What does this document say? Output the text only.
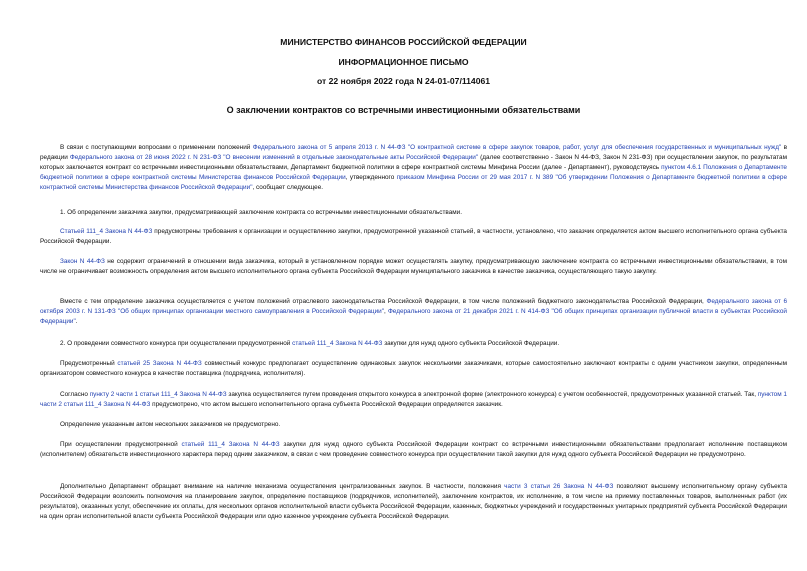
МИНИСТЕРСТВО ФИНАНСОВ РОССИЙСКОЙ ФЕДЕРАЦИИ
ИНФОРМАЦИОННОЕ ПИСЬМО
от 22 ноября 2022 года N 24-01-07/114061
О заключении контрактов со встречными инвестиционными обязательствами
В связи с поступающими вопросами о применении положений Федерального закона от 5 апреля 2013 г. N 44-ФЗ "О контрактной системе в сфере закупок товаров, работ, услуг для обеспечения государственных и муниципальных нужд" в редакции Федерального закона от 28 июня 2022 г. N 231-ФЗ "О внесении изменений в отдельные законодательные акты Российской Федерации" (далее соответственно - Закон N 44-ФЗ, Закон N 231-ФЗ) при осуществлении закупок, по результатам которых заключается контракт со встречными инвестиционными обязательствами, Департамент бюджетной политики в сфере контрактной системы Минфина России (далее - Департамент), руководствуясь пунктом 4.6.1 Положения о Департаменте бюджетной политики в сфере контрактной системы Министерства финансов Российской Федерации, утвержденного приказом Минфина России от 29 мая 2017 г. N 389 "Об утверждении Положения о Департаменте бюджетной политики в сфере контрактной системы Министерства финансов Российской Федерации", сообщает следующее.
1. Об определении заказчика закупки, предусматривающей заключение контракта со встречными инвестиционными обязательствами.
Статьей 111_4 Закона N 44-ФЗ предусмотрены требования к организации и осуществлению закупки, предусмотренной указанной статьей, в частности, установлено, что заказчик определяется актом высшего исполнительного органа субъекта Российской Федерации.
Закон N 44-ФЗ не содержит ограничений в отношении вида заказчика, который в установленном порядке может осуществлять закупку, предусматривающую заключение контракта со встречными инвестиционными обязательствами, в том числе не ограничивает возможность определения актом высшего исполнительного органа субъекта Российской Федерации муниципального заказчика в качестве заказчика, осуществляющего такую закупку.
Вместе с тем определение заказчика осуществляется с учетом положений отраслевого законодательства Российской Федерации, в том числе положений бюджетного законодательства Российской Федерации, Федерального закона от 6 октября 2003 г. N 131-ФЗ "Об общих принципах организации местного самоуправления в Российской Федерации", Федерального закона от 21 декабря 2021 г. N 414-ФЗ "Об общих принципах организации публичной власти в субъектах Российской Федерации".
2. О проведении совместного конкурса при осуществлении предусмотренной статьей 111_4 Закона N 44-ФЗ закупки для нужд одного субъекта Российской Федерации.
Предусмотренный статьей 25 Закона N 44-ФЗ совместный конкурс предполагает осуществление одинаковых закупок несколькими заказчиками, которые самостоятельно заключают контракты с одним участником закупки, определенным организатором совместного конкурса в качестве поставщика (подрядчика, исполнителя).
Согласно пункту 2 части 1 статьи 111_4 Закона N 44-ФЗ закупка осуществляется путем проведения открытого конкурса в электронной форме (электронного конкурса) с учетом особенностей, предусмотренных указанной статьей. Так, пунктом 1 части 2 статьи 111_4 Закона N 44-ФЗ предусмотрено, что актом высшего исполнительного органа субъекта Российской Федерации определяется заказчик.
Определение указанным актом нескольких заказчиков не предусмотрено.
При осуществлении предусмотренной статьей 111_4 Закона N 44-ФЗ закупки для нужд одного субъекта Российской Федерации контракт со встречными инвестиционными обязательствами предполагает исполнение поставщиком (исполнителем) обязательств инвестиционного характера перед одним заказчиком, в связи с чем проведение совместного конкурса при осуществлении такой закупки для нужд одного субъекта Российской Федерации не предусмотрено.
Дополнительно Департамент обращает внимание на наличие механизма осуществления централизованных закупок. В частности, положения части 3 статьи 26 Закона N 44-ФЗ позволяют высшему исполнительному органу субъекта Российской Федерации возложить полномочия на планирование закупок, определение поставщиков (подрядчиков, исполнителей), заключение контрактов, их исполнение, в том числе на приемку поставленных товаров, выполненных работ (их результатов), оказанных услуг, обеспечение их оплаты, для нескольких органов исполнительной власти субъекта Российской Федерации, казенных, бюджетных учреждений и государственных унитарных предприятий субъекта Российской Федерации на один орган исполнительной власти субъекта Российской Федерации или одно казенное учреждение субъекта Российской Федерации.
